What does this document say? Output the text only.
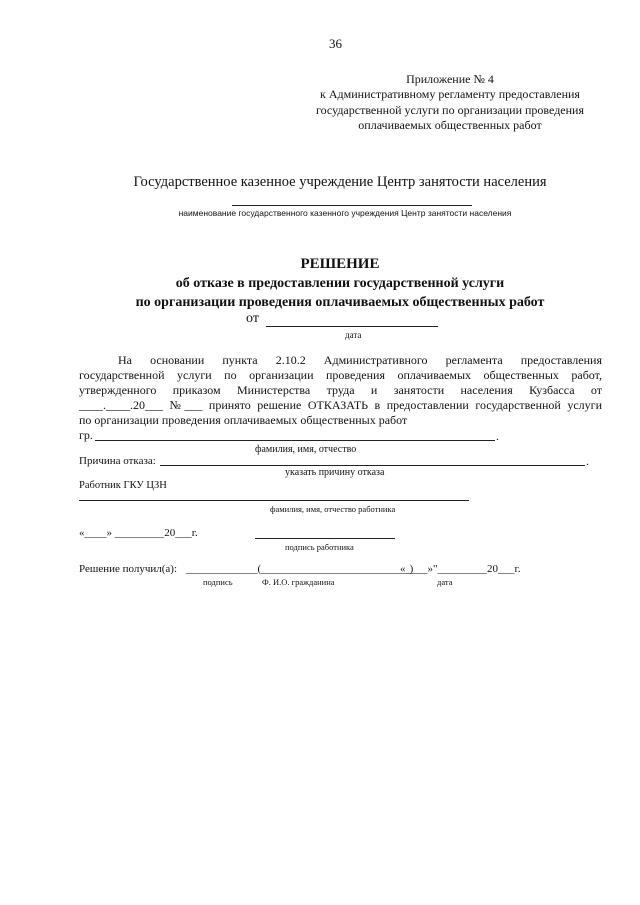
36
Приложение № 4
к Административному регламенту предоставления
государственной услуги по организации проведения
оплачиваемых общественных работ
Государственное казенное учреждение Центр занятости населения
наименование государственного казенного учреждения Центр занятости населения
РЕШЕНИЕ
об отказе в предоставлении государственной услуги
по организации проведения оплачиваемых общественных работ
от
дата
На основании пункта 2.10.2 Административного регламента предоставления
государственной услуги по организации проведения оплачиваемых общественных работ,
утвержденного приказом Министерства труда и занятости населения Кузбасса от
____.____.20___ №___ принято решение ОТКАЗАТЬ в предоставлении государственной услуги
по организации проведения оплачиваемых общественных работ
гр.	.
фамилия, имя, отчество
Причина отказа:	.
указать причину отказа
Работник ГКУ ЦЗН
фамилия, имя, отчество работника
«____» _________20___г.
подпись работника
Решение получил(а): _____________(___________________________)
«____»"_________20___г.
подпись	Ф. И.О. гражданина	дата
